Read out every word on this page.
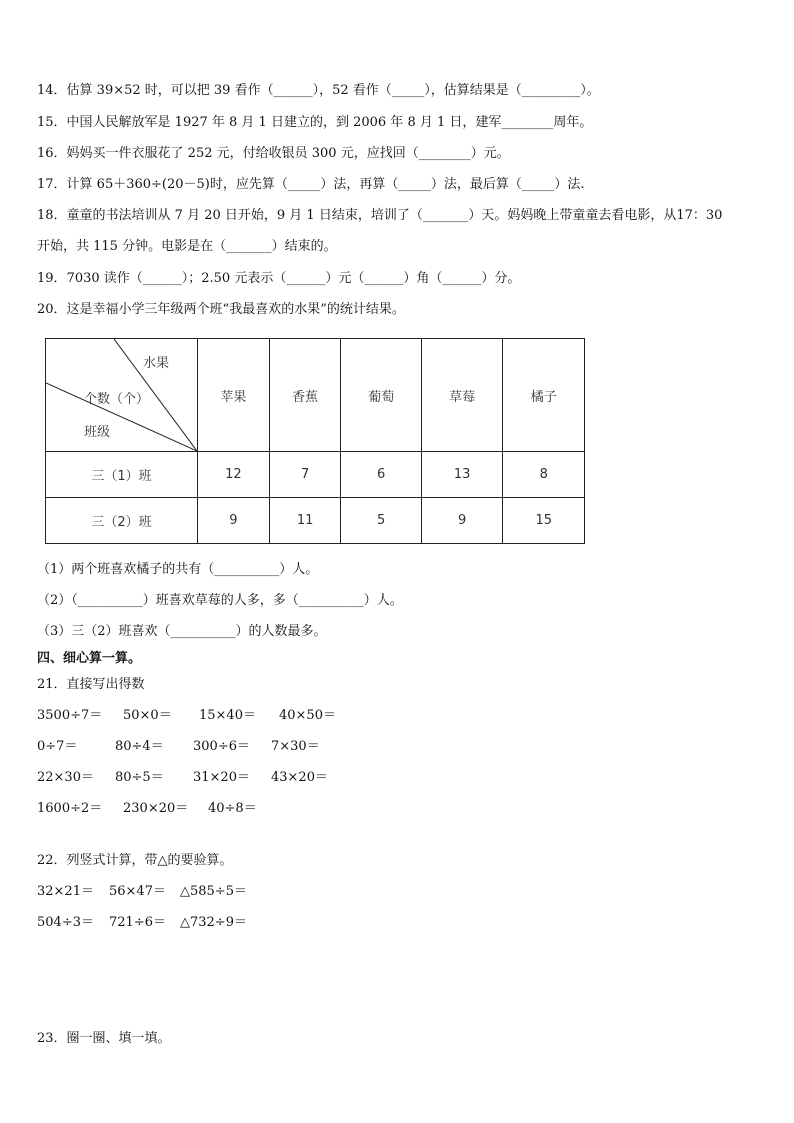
14．估算 39×52 时，可以把 39 看作（______），52 看作（_____），估算结果是（_________）。
15．中国人民解放军是 1927 年 8 月 1 日建立的，到 2006 年 8 月 1 日，建军________周年。
16．妈妈买一件衣服花了 252 元，付给收银员 300 元，应找回（________）元。
17．计算 65＋360÷(20－5)时，应先算（_____）法，再算（_____）法，最后算（_____）法.
18．童童的书法培训从 7 月 20 日开始，9 月 1 日结束，培训了（_______）天。妈妈晚上带童童去看电影，从17：30
开始，共 115 分钟。电影是在（_______）结束的。
19．7030 读作（______）；2.50 元表示（______）元（______）角（______）分。
20．这是幸福小学三年级两个班“我最喜欢的水果”的统计结果。
水果
个数（个）
班级	苹果	香蕉	葡萄	草莓	橘子
三（1）班	12	7	6	13	8
三（2）班	9	11	5	9	15
（1）两个班喜欢橘子的共有（__________）人。
（2）（__________）班喜欢草莓的人多，多（__________）人。
（3）三（2）班喜欢（__________）的人数最多。
四、细心算一算。
21．直接写出得数
3500÷7＝ 50×0＝ 15×40＝ 40×50＝
0÷7＝	80÷4＝ 300÷6＝ 7×30＝
22×30＝ 80÷5＝ 31×20＝ 43×20＝
1600÷2＝ 230×20＝ 40÷8＝
22．列竖式计算，带△的要验算。
32×21＝ 56×47＝ △585÷5＝
504÷3＝ 721÷6＝ △732÷9＝
23．圈一圈、填一填。
